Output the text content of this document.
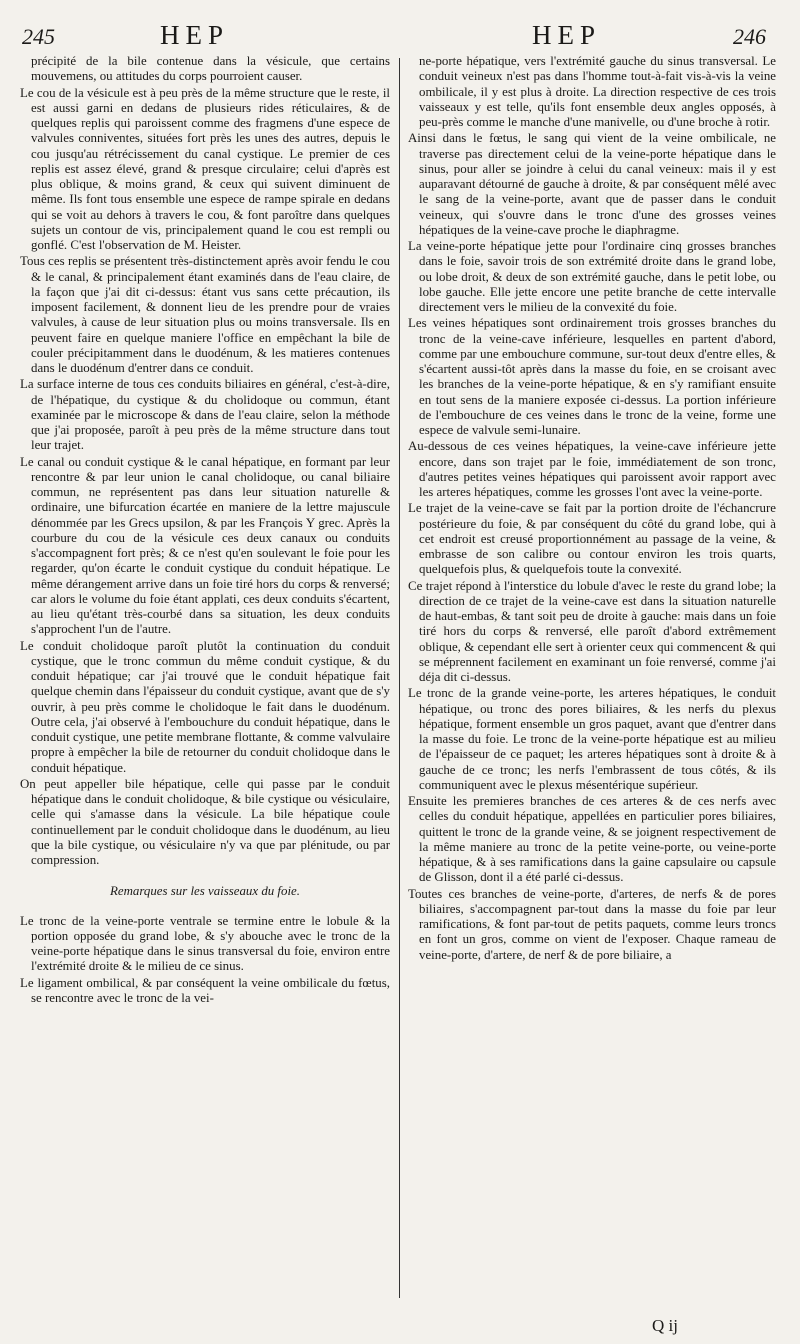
245	HEP	HEP	246

précipité de la bile contenue dans la vésicule, que certains mouvemens, ou attitudes du corps pourroient causer.

Le cou de la vésicule est à peu près de la même structure que le reste, il est aussi garni en dedans de plusieurs rides réticulaires, & de quelques replis qui paroissent comme des fragmens d'une espece de valvules conniventes, situées fort près les unes des autres, depuis le cou jusqu'au rétrécissement du canal cystique. Le premier de ces replis est assez élevé, grand & presque circulaire; celui d'après est plus oblique, & moins grand, & ceux qui suivent diminuent de même. Ils font tous ensemble une espece de rampe spirale en dedans qui se voit au dehors à travers le cou, & font paroître dans quelques sujets un contour de vis, principalement quand le cou est rempli ou gonflé. C'est l'observation de M. Heister.

Tous ces replis se présentent très-distinctement après avoir fendu le cou & le canal, & principalement étant examinés dans de l'eau claire, de la façon que j'ai dit ci-dessus: étant vus sans cette précaution, ils imposent facilement, & donnent lieu de les prendre pour de vraies valvules, à cause de leur situation plus ou moins transversale. Ils en peuvent faire en quelque maniere l'office en empêchant la bile de couler précipitamment dans le duodénum, & les matieres contenues dans le duodénum d'entrer dans ce conduit.

La surface interne de tous ces conduits biliaires en général, c'est-à-dire, de l'hépatique, du cystique & du cholidoque ou commun, étant examinée par le microscope & dans de l'eau claire, selon la méthode que j'ai proposée, paroît à peu près de la même structure dans tout leur trajet.

Le canal ou conduit cystique & le canal hépatique, en formant par leur rencontre & par leur union le canal cholidoque, ou canal biliaire commun, ne représentent pas dans leur situation naturelle & ordinaire, une bifurcation écartée en maniere de la lettre majuscule dénommée par les Grecs upsilon, & par les François Y grec. Après la courbure du cou de la vésicule ces deux canaux ou conduits s'accompagnent fort près; & ce n'est qu'en soulevant le foie pour les regarder, qu'on écarte le conduit cystique du conduit hépatique. Le même dérangement arrive dans un foie tiré hors du corps & renversé; car alors le volume du foie étant applati, ces deux conduits s'écartent, au lieu qu'étant très-courbé dans sa situation, les deux conduits s'approchent l'un de l'autre.

Le conduit cholidoque paroît plutôt la continuation du conduit cystique, que le tronc commun du même conduit cystique, & du conduit hépatique; car j'ai trouvé que le conduit hépatique fait quelque chemin dans l'épaisseur du conduit cystique, avant que de s'y ouvrir, à peu près comme le cholidoque le fait dans le duodénum. Outre cela, j'ai observé à l'embouchure du conduit hépatique, dans le conduit cystique, une petite membrane flottante, & comme valvulaire propre à empêcher la bile de retourner du conduit cholidoque dans le conduit hépatique.

On peut appeller bile hépatique, celle qui passe par le conduit hépatique dans le conduit cholidoque, & bile cystique ou vésiculaire, celle qui s'amasse dans la vésicule. La bile hépatique coule continuellement par le conduit cholidoque dans le duodénum, au lieu que la bile cystique, ou vésiculaire n'y va que par plénitude, ou par compression.

Remarques sur les vaisseaux du foie.

Le tronc de la veine-porte ventrale se termine entre le lobule & la portion opposée du grand lobe, & s'y abouche avec le tronc de la veine-porte hépatique dans le sinus transversal du foie, environ entre l'extrémité droite & le milieu de ce sinus.

Le ligament ombilical, & par conséquent la veine ombilicale du fœtus, se rencontre avec le tronc de la vei-

ne-porte hépatique, vers l'extrémité gauche du sinus transversal. Le conduit veineux n'est pas dans l'homme tout-à-fait vis-à-vis la veine ombilicale, il y est plus à droite. La direction respective de ces trois vaisseaux y est telle, qu'ils font ensemble deux angles opposés, à peu-près comme le manche d'une manivelle, ou d'une broche à rotir.

Ainsi dans le fœtus, le sang qui vient de la veine ombilicale, ne traverse pas directement celui de la veine-porte hépatique dans le sinus, pour aller se joindre à celui du canal veineux: mais il y est auparavant détourné de gauche à droite, & par conséquent mêlé avec le sang de la veine-porte, avant que de passer dans le conduit veineux, qui s'ouvre dans le tronc d'une des grosses veines hépatiques de la veine-cave proche le diaphragme.

La veine-porte hépatique jette pour l'ordinaire cinq grosses branches dans le foie, savoir trois de son extrémité droite dans le grand lobe, ou lobe droit, & deux de son extrémité gauche, dans le petit lobe, ou lobe gauche. Elle jette encore une petite branche de cette intervalle directement vers le milieu de la convexité du foie.

Les veines hépatiques sont ordinairement trois grosses branches du tronc de la veine-cave inférieure, lesquelles en partent d'abord, comme par une embouchure commune, sur-tout deux d'entre elles, & s'écartent aussi-tôt après dans la masse du foie, en se croisant avec les branches de la veine-porte hépatique, & en s'y ramifiant ensuite en tout sens de la maniere exposée ci-dessus. La portion inférieure de l'embouchure de ces veines dans le tronc de la veine, forme une espece de valvule semi-lunaire.

Au-dessous de ces veines hépatiques, la veine-cave inférieure jette encore, dans son trajet par le foie, immédiatement de son tronc, d'autres petites veines hépatiques qui paroissent avoir rapport avec les arteres hépatiques, comme les grosses l'ont avec la veine-porte.

Le trajet de la veine-cave se fait par la portion droite de l'échancrure postérieure du foie, & par conséquent du côté du grand lobe, qui à cet endroit est creusé proportionnément au passage de la veine, & embrasse de son calibre ou contour environ les trois quarts, quelquefois plus, & quelquefois toute la convexité.

Ce trajet répond à l'interstice du lobule d'avec le reste du grand lobe; la direction de ce trajet de la veine-cave est dans la situation naturelle de haut-embas, & tant soit peu de droite à gauche: mais dans un foie tiré hors du corps & renversé, elle paroît d'abord extrêmement oblique, & cependant elle sert à orienter ceux qui commencent & qui se méprennent facilement en examinant un foie renversé, comme j'ai déja dit ci-dessus.

Le tronc de la grande veine-porte, les arteres hépatiques, le conduit hépatique, ou tronc des pores biliaires, & les nerfs du plexus hépatique, forment ensemble un gros paquet, avant que d'entrer dans la masse du foie. Le tronc de la veine-porte hépatique est au milieu de l'épaisseur de ce paquet; les arteres hépatiques sont à droite & à gauche de ce tronc; les nerfs l'embrassent de tous côtés, & ils communiquent avec le plexus mésentérique supérieur.

Ensuite les premieres branches de ces arteres & de ces nerfs avec celles du conduit hépatique, appellées en particulier pores biliaires, quittent le tronc de la grande veine, & se joignent respectivement de la même maniere au tronc de la petite veine-porte, ou veine-porte hépatique, & à ses ramifications dans la gaine capsulaire ou capsule de Glisson, dont il a été parlé ci-dessus.

Toutes ces branches de veine-porte, d'arteres, de nerfs & de pores biliaires, s'accompagnent par-tout dans la masse du foie par leur ramifications, & font par-tout de petits paquets, comme leurs troncs en font un gros, comme on vient de l'exposer. Chaque rameau de veine-porte, d'artere, de nerf & de pore biliaire, a

Q ij
